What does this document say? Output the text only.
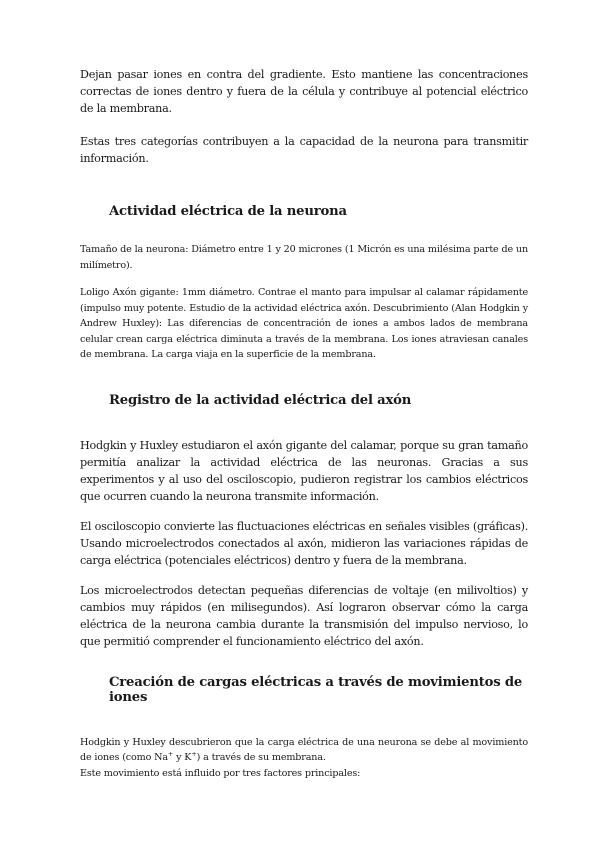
Dejan pasar iones en contra del gradiente. Esto mantiene las concentraciones correctas de iones dentro y fuera de la célula y contribuye al potencial eléctrico de la membrana.

Estas tres categorías contribuyen a la capacidad de la neurona para transmitir información.

Actividad eléctrica de la neurona

Tamaño de la neurona: Diámetro entre 1 y 20 micrones (1 Micrón es una milésima parte de un milímetro).

Loligo Axón gigante: 1mm diámetro. Contrae el manto para impulsar al calamar rápidamente (impulso muy potente. Estudio de la actividad eléctrica axón. Descubrimiento (Alan Hodgkin y Andrew Huxley): Las diferencias de concentración de iones a ambos lados de membrana celular crean carga eléctrica diminuta a través de la membrana. Los iones atraviesan canales de membrana. La carga viaja en la superficie de la membrana.

Registro de la actividad eléctrica del axón

Hodgkin y Huxley estudiaron el axón gigante del calamar, porque su gran tamaño permitía analizar la actividad eléctrica de las neuronas. Gracias a sus experimentos y al uso del osciloscopio, pudieron registrar los cambios eléctricos que ocurren cuando la neurona transmite información.

El osciloscopio convierte las fluctuaciones eléctricas en señales visibles (gráficas). Usando microelectrodos conectados al axón, midieron las variaciones rápidas de carga eléctrica (potenciales eléctricos) dentro y fuera de la membrana.

Los microelectrodos detectan pequeñas diferencias de voltaje (en milivoltios) y cambios muy rápidos (en milisegundos). Así lograron observar cómo la carga eléctrica de la neurona cambia durante la transmisión del impulso nervioso, lo que permitió comprender el funcionamiento eléctrico del axón.

Creación de cargas eléctricas a través de movimientos de iones

Hodgkin y Huxley descubrieron que la carga eléctrica de una neurona se debe al movimiento de iones (como Na+ y K+) a través de su membrana.

Este movimiento está influido por tres factores principales:
